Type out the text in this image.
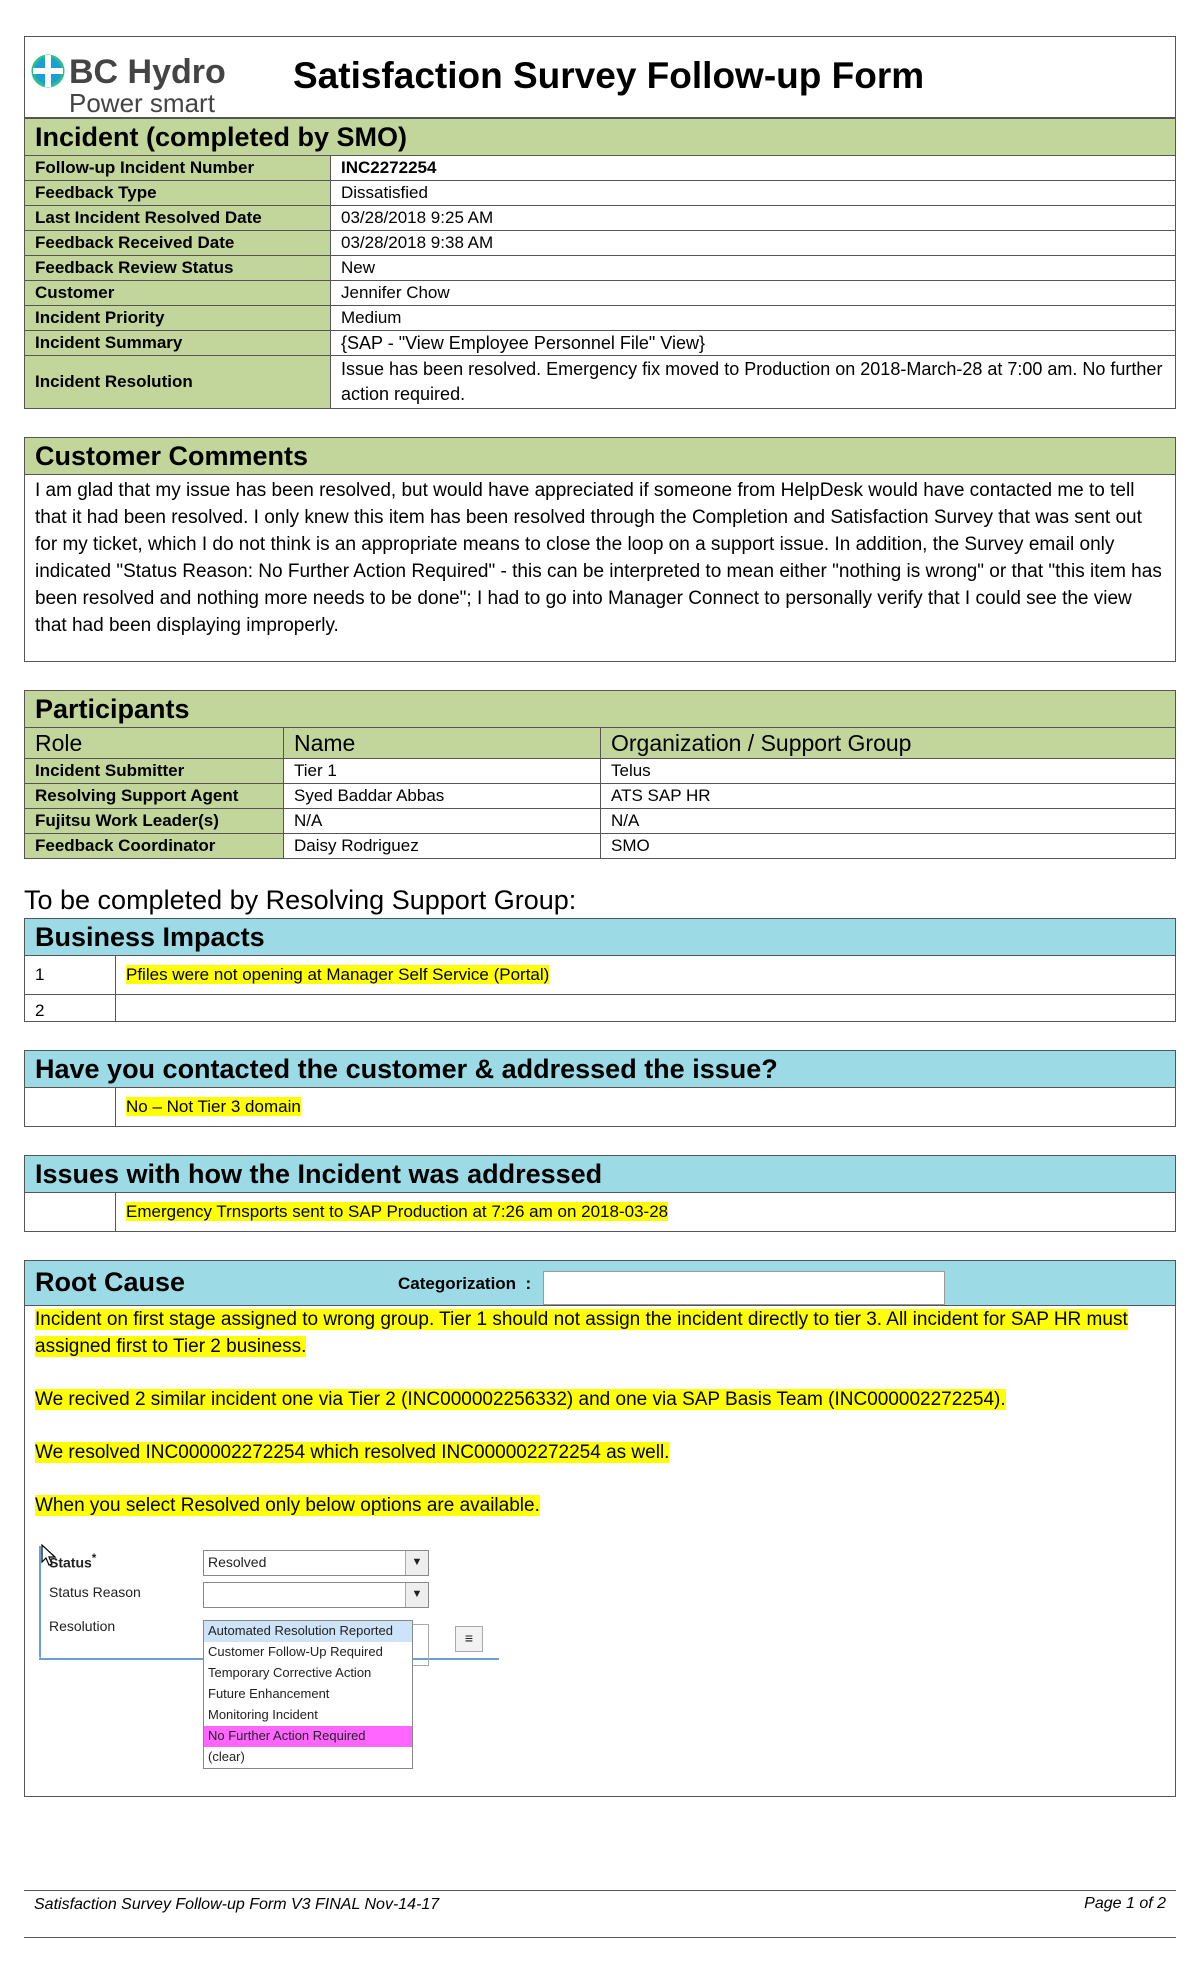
BC Hydro
Power smart
Satisfaction Survey Follow-up Form
Incident (completed by SMO)	
Follow-up Incident Number	INC2272254
Feedback Type	Dissatisfied
Last Incident Resolved Date	03/28/2018 9:25 AM
Feedback Received Date	03/28/2018 9:38 AM
Feedback Review Status	New
Customer	Jennifer Chow
Incident Priority	Medium
Incident Summary	{SAP - "View Employee Personnel File" View}
Incident Resolution	Issue has been resolved. Emergency fix moved to Production on 2018-March-28 at 7:00 am. No further action required.
Customer Comments
I am glad that my issue has been resolved, but would have appreciated if someone from HelpDesk would have contacted me to tell that it had been resolved. I only knew this item has been resolved through the Completion and Satisfaction Survey that was sent out for my ticket, which I do not think is an appropriate means to close the loop on a support issue. In addition, the Survey email only indicated "Status Reason: No Further Action Required" - this can be interpreted to mean either "nothing is wrong" or that "this item has been resolved and nothing more needs to be done"; I had to go into Manager Connect to personally verify that I could see the view that had been displaying improperly.
Participants		
Role	Name	Organization / Support Group
Incident Submitter	Tier 1	Telus
Resolving Support Agent	Syed Baddar Abbas	ATS SAP HR
Fujitsu Work Leader(s)	N/A	N/A
Feedback Coordinator	Daisy Rodriguez	SMO
To be completed by Resolving Support Group:
Business Impacts	
1	Pfiles were not opening at Manager Self Service (Portal)
2	
Have you contacted the customer & addressed the issue?
	No – Not Tier 3 domain
Issues with how the Incident was addressed
	Emergency Trnsports sent to SAP Production at 7:26 am on 2018-03-28
Root Cause	Categorization :

Incident on first stage assigned to wrong group. Tier 1 should not assign the incident directly to tier 3. All incident for SAP HR must assigned first to Tier 2 business.

We recived 2 similar incident one via Tier 2 (INC000002256332) and one via SAP Basis Team (INC000002272254).

We resolved INC000002272254 which resolved INC000002272254 as well.

When you select Resolved only below options are available.

Status*	Resolved	▼
Status Reason	▼
Resolution
≡
Automated Resolution Reported
Customer Follow-Up Required
Temporary Corrective Action
Future Enhancement
Monitoring Incident
No Further Action Required
(clear)
Satisfaction Survey Follow-up Form V3 FINAL Nov-14-17	Page 1 of 2
